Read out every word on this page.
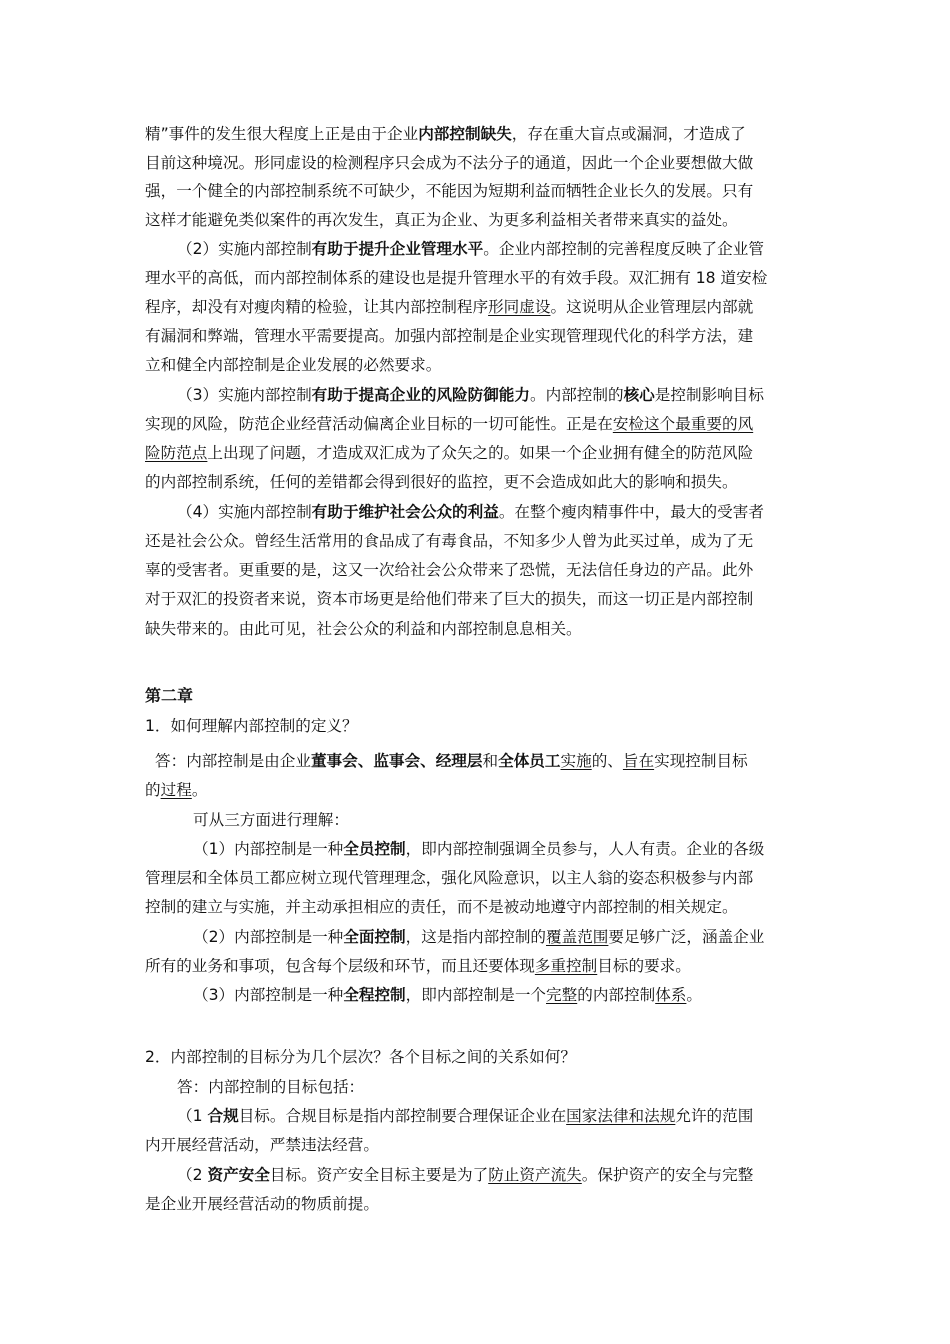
精”事件的发生很大程度上正是由于企业内部控制缺失，存在重大盲点或漏洞，才造成了
目前这种境况。形同虚设的检测程序只会成为不法分子的通道，因此一个企业要想做大做
强，一个健全的内部控制系统不可缺少，不能因为短期利益而牺牲企业长久的发展。只有
这样才能避免类似案件的再次发生，真正为企业、为更多利益相关者带来真实的益处。
（2）实施内部控制有助于提升企业管理水平。企业内部控制的完善程度反映了企业管
理水平的高低，而内部控制体系的建设也是提升管理水平的有效手段。双汇拥有 18 道安检
程序，却没有对瘦肉精的检验，让其内部控制程序形同虚设。这说明从企业管理层内部就
有漏洞和弊端，管理水平需要提高。加强内部控制是企业实现管理现代化的科学方法，建
立和健全内部控制是企业发展的必然要求。
（3）实施内部控制有助于提高企业的风险防御能力。内部控制的核心是控制影响目标
实现的风险，防范企业经营活动偏离企业目标的一切可能性。正是在安检这个最重要的风
险防范点上出现了问题，才造成双汇成为了众矢之的。如果一个企业拥有健全的防范风险
的内部控制系统，任何的差错都会得到很好的监控，更不会造成如此大的影响和损失。
（4）实施内部控制有助于维护社会公众的利益。在整个瘦肉精事件中，最大的受害者
还是社会公众。曾经生活常用的食品成了有毒食品，不知多少人曾为此买过单，成为了无
辜的受害者。更重要的是，这又一次给社会公众带来了恐慌，无法信任身边的产品。此外
对于双汇的投资者来说，资本市场更是给他们带来了巨大的损失，而这一切正是内部控制
缺失带来的。由此可见，社会公众的利益和内部控制息息相关。
第二章
1．如何理解内部控制的定义？
答：内部控制是由企业董事会、监事会、经理层和全体员工实施的、旨在实现控制目标
的过程。
可从三方面进行理解：
（1）内部控制是一种全员控制，即内部控制强调全员参与，人人有责。企业的各级
管理层和全体员工都应树立现代管理理念，强化风险意识，以主人翁的姿态积极参与内部
控制的建立与实施，并主动承担相应的责任，而不是被动地遵守内部控制的相关规定。
（2）内部控制是一种全面控制，这是指内部控制的覆盖范围要足够广泛，涵盖企业
所有的业务和事项，包含每个层级和环节，而且还要体现多重控制目标的要求。
（3）内部控制是一种全程控制，即内部控制是一个完整的内部控制体系。
2．内部控制的目标分为几个层次？各个目标之间的关系如何？
答：内部控制的目标包括：
（1 合规目标。合规目标是指内部控制要合理保证企业在国家法律和法规允许的范围
内开展经营活动，严禁违法经营。
（2 资产安全目标。资产安全目标主要是为了防止资产流失。保护资产的安全与完整
是企业开展经营活动的物质前提。
